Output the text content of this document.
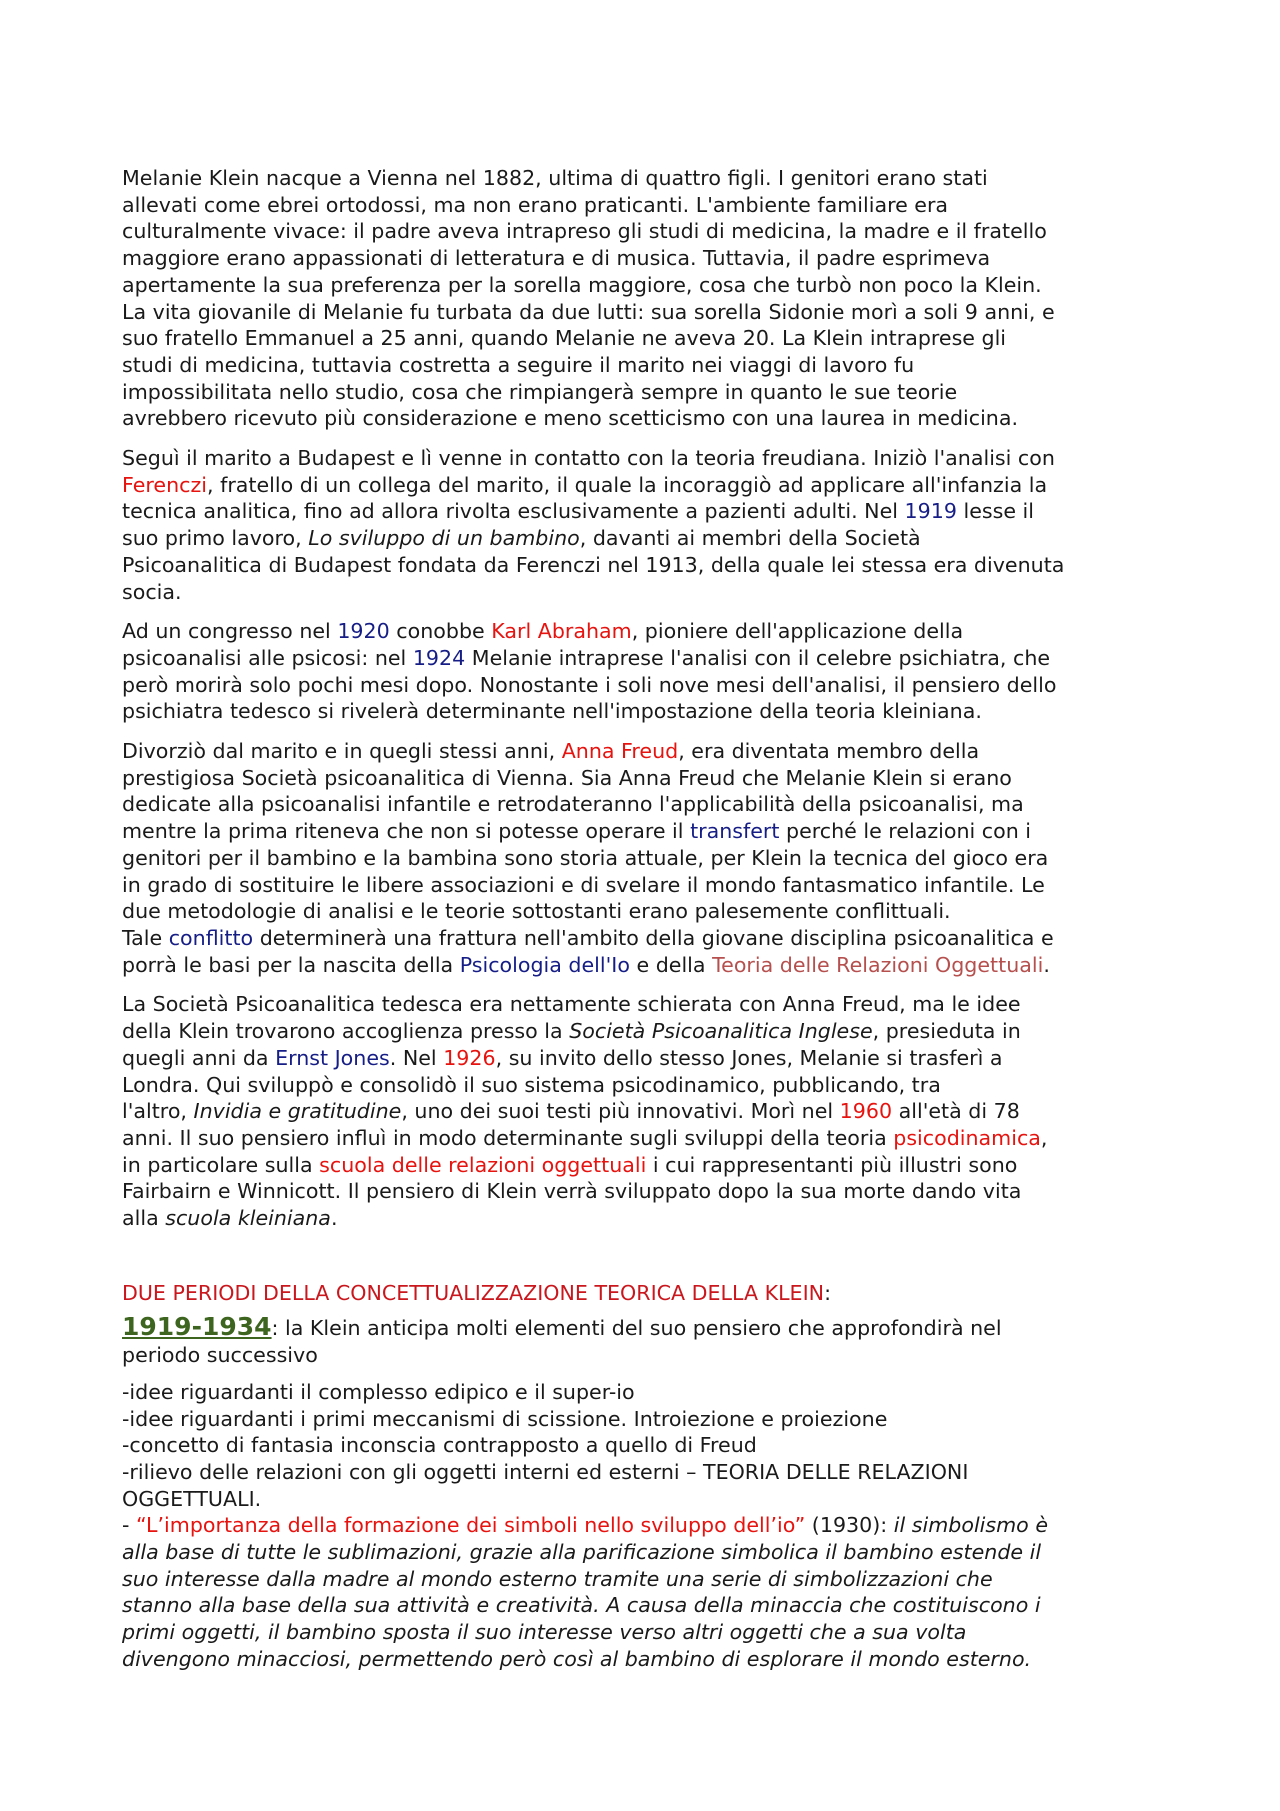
Melanie Klein nacque a Vienna nel 1882, ultima di quattro figli. I genitori erano stati
allevati come ebrei ortodossi, ma non erano praticanti. L'ambiente familiare era
culturalmente vivace: il padre aveva intrapreso gli studi di medicina, la madre e il fratello
maggiore erano appassionati di letteratura e di musica. Tuttavia, il padre esprimeva
apertamente la sua preferenza per la sorella maggiore, cosa che turbò non poco la Klein.
La vita giovanile di Melanie fu turbata da due lutti: sua sorella Sidonie morì a soli 9 anni, e
suo fratello Emmanuel a 25 anni, quando Melanie ne aveva 20. La Klein intraprese gli
studi di medicina, tuttavia costretta a seguire il marito nei viaggi di lavoro fu
impossibilitata nello studio, cosa che rimpiangerà sempre in quanto le sue teorie
avrebbero ricevuto più considerazione e meno scetticismo con una laurea in medicina.
Seguì il marito a Budapest e lì venne in contatto con la teoria freudiana. Iniziò l'analisi con
Ferenczi, fratello di un collega del marito, il quale la incoraggiò ad applicare all'infanzia la
tecnica analitica, fino ad allora rivolta esclusivamente a pazienti adulti. Nel 1919 lesse il
suo primo lavoro, Lo sviluppo di un bambino, davanti ai membri della Società
Psicoanalitica di Budapest fondata da Ferenczi nel 1913, della quale lei stessa era divenuta
socia.
Ad un congresso nel 1920 conobbe Karl Abraham, pioniere dell'applicazione della
psicoanalisi alle psicosi: nel 1924 Melanie intraprese l'analisi con il celebre psichiatra, che
però morirà solo pochi mesi dopo. Nonostante i soli nove mesi dell'analisi, il pensiero dello
psichiatra tedesco si rivelerà determinante nell'impostazione della teoria kleiniana.
Divorziò dal marito e in quegli stessi anni, Anna Freud, era diventata membro della
prestigiosa Società psicoanalitica di Vienna. Sia Anna Freud che Melanie Klein si erano
dedicate alla psicoanalisi infantile e retrodateranno l'applicabilità della psicoanalisi, ma
mentre la prima riteneva che non si potesse operare il transfert perché le relazioni con i
genitori per il bambino e la bambina sono storia attuale, per Klein la tecnica del gioco era
in grado di sostituire le libere associazioni e di svelare il mondo fantasmatico infantile. Le
due metodologie di analisi e le teorie sottostanti erano palesemente conflittuali.
Tale conflitto determinerà una frattura nell'ambito della giovane disciplina psicoanalitica e
porrà le basi per la nascita della Psicologia dell'Io e della Teoria delle Relazioni Oggettuali.
La Società Psicoanalitica tedesca era nettamente schierata con Anna Freud, ma le idee
della Klein trovarono accoglienza presso la Società Psicoanalitica Inglese, presieduta in
quegli anni da Ernst Jones. Nel 1926, su invito dello stesso Jones, Melanie si trasferì a
Londra. Qui sviluppò e consolidò il suo sistema psicodinamico, pubblicando, tra
l'altro, Invidia e gratitudine, uno dei suoi testi più innovativi. Morì nel 1960 all'età di 78
anni. Il suo pensiero influì in modo determinante sugli sviluppi della teoria psicodinamica,
in particolare sulla scuola delle relazioni oggettuali i cui rappresentanti più illustri sono
Fairbairn e Winnicott. Il pensiero di Klein verrà sviluppato dopo la sua morte dando vita
alla scuola kleiniana.
DUE PERIODI DELLA CONCETTUALIZZAZIONE TEORICA DELLA KLEIN:
1919-1934: la Klein anticipa molti elementi del suo pensiero che approfondirà nel
periodo successivo
-idee riguardanti il complesso edipico e il super-io
-idee riguardanti i primi meccanismi di scissione. Introiezione e proiezione
-concetto di fantasia inconscia contrapposto a quello di Freud
-rilievo delle relazioni con gli oggetti interni ed esterni – TEORIA DELLE RELAZIONI
OGGETTUALI.
- “L’importanza della formazione dei simboli nello sviluppo dell’io” (1930): il simbolismo è
alla base di tutte le sublimazioni, grazie alla parificazione simbolica il bambino estende il
suo interesse dalla madre al mondo esterno tramite una serie di simbolizzazioni che
stanno alla base della sua attività e creatività. A causa della minaccia che costituiscono i
primi oggetti, il bambino sposta il suo interesse verso altri oggetti che a sua volta
divengono minacciosi, permettendo però così al bambino di esplorare il mondo esterno.
